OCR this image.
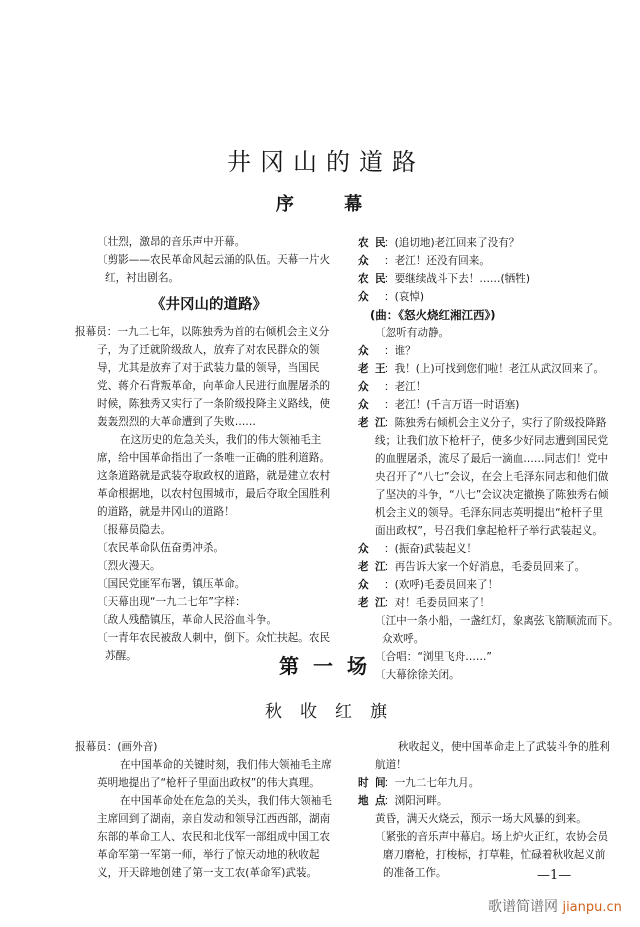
井冈山的道路
序 幕
〔壮烈，激昂的音乐声中开幕。
〔剪影——农民革命风起云涌的队伍。天幕一片火
红，衬出剧名。
《井冈山的道路》
报幕员：一九二七年，以陈独秀为首的右倾机会主义分
子，为了迁就阶级敌人，放弃了对农民群众的领
导，尤其是放弃了对于武装力量的领导，当国民
党、蒋介石背叛革命，向革命人民进行血腥屠杀的
时候，陈独秀又实行了一条阶级投降主义路线，使
轰轰烈烈的大革命遭到了失败……
在这历史的危急关头，我们的伟大领袖毛主
席，给中国革命指出了一条唯一正确的胜利道路。
这条道路就是武装夺取政权的道路，就是建立农村
革命根据地，以农村包围城市，最后夺取全国胜利
的道路，就是井冈山的道路！
〔报幕员隐去。
〔农民革命队伍奋勇冲杀。
〔烈火漫天。
〔国民党匪军布署，镇压革命。
〔天幕出现“一九二七年”字样：
〔敌人残酷镇压，革命人民浴血斗争。
〔一青年农民被敌人刺中，倒下。众忙扶起。农民
苏醒。
农 民：(追切地)老江回来了没有？
众 ：老江！还没有回来。
农 民：要继续战斗下去！……(牺牲)
众 ：(哀悼)
(曲：《怒火烧红湘江西》)
〔忽听有动静。
众 ：谁？
老 王：我！(上)可找到您们啦！老江从武汉回来了。
众 ：老江！
众 ：老江！(千言万语一时语塞)
老 江：陈独秀右倾机会主义分子，实行了阶级投降路
线；让我们放下枪杆子，使多少好同志遭到国民党
的血腥屠杀，流尽了最后一滴血……同志们！党中
央召开了“八七”会议，在会上毛泽东同志和他们做
了坚决的斗争，“八七”会议决定撤换了陈独秀右倾
机会主义的领导。毛泽东同志英明提出“枪杆子里
面出政权”，号召我们拿起枪杆子举行武装起义。
众 ：(振奋)武装起义！
老 江：再告诉大家一个好消息，毛委员回来了。
众 ：(欢呼)毛委员回来了！
老 江：对！毛委员回来了！
〔江中一条小船，一盏红灯，象离弦飞箭顺流而下。
众欢呼。
〔合唱：“浏里飞舟……”
〔大幕徐徐关闭。
第一场
秋收红旗
报幕员：(画外音)
在中国革命的关键时刻，我们伟大领袖毛主席
英明地提出了“枪杆子里面出政权”的伟大真理。
在中国革命处在危急的关头，我们伟大领袖毛
主席回到了湖南，亲自发动和领导江西西部，湖南
东部的革命工人、农民和北伐军一部组成中国工农
革命军第一军第一师，举行了惊天动地的秋收起
义，开天辟地创建了第一支工农(革命军)武装。
秋收起义，使中国革命走上了武装斗争的胜利
航道！
时 间：一九二七年九月。
地 点：浏阳河畔。
黄昏，满天火烧云，预示一场大风暴的到来。
〔紧张的音乐声中幕启。场上炉火正红，农协会员
磨刀磨枪，打梭标，打草鞋，忙碌着秋收起义前
的准备工作。	—1—
歌谱简谱网 jianpu.cn
